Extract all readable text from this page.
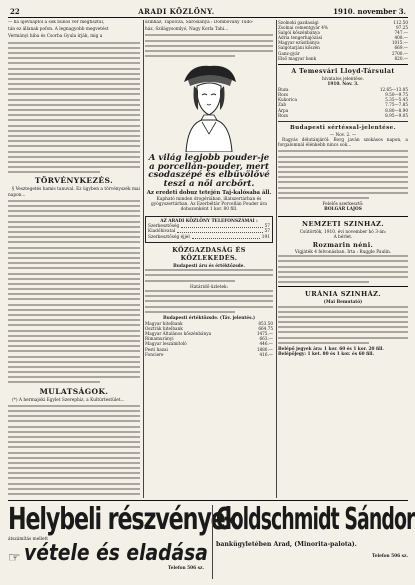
22	ARADI KÖZLÖNY.	1910. november 3.

— ha újévnaptól a sok bűnös vér megtisztul,

tán ez állanak pofon. A legnagyobb megvetést

Vermányi hiba és Csorba Gyula írják, mig a

TÖRVÉNYKEZÉS.

§ Vesztegetés hamis tanuval. Ez ügyben a törvényszék mai napon...

MULATSÁGOK.

(*) A hermajoki Egylet Szerephiz, a Kultúrtestület...

szinház, Tapolcza, Saroslánya : Dombovány Tüdő-

ház, Szilágysomlyó, Nagy Korla Tahi...

A világ legjobb pouder-je a porcellán-pouder, mert csodaszépé és elbűvölővé teszi a női arcbőrt.
Az eredeti dobuz tetején Taj-kalósaba áll.

Kapható minden drogériában, illatszertárban és gyógyszertárban. Az Ezerbéltár Porcellán Pouder ára dobozonként 1 kor. 80 fill.

AZ ARADI KÖZLÖNY TELEFONSZÁMAI :
Szerkesztőség	57
Kiadóhivatal	57
Szerkesztőség éjjel	191
KÖZGAZDASÁG ÉS KÖZLEKEDÉS.
Budapesti áru és értéktőzsde.
Határidő-üzletek:
Budapesti értéktőzsde. (Táv. jelentés.)
Magyar hitelbank	853.50
Osztrák hitelbank	664.75
Magyar Általános kőszénbánya	1475.—
Rimamurányi	663.—
Magyar leszámítoló	446.—
Pesti hazai	1880.—
Fonciere	416.—
Szolnoki gazdasági	112.50
Zsolnai cementgyár 4%	97.25
Salgói kőszénbánya	747.—
Adria tengerhajózási	408.—
Magyar ezüstbánya	1015.—
Salgótarjáni kőszén	669.—
Ganz-gyár	2700.—
Első magyar bank	820.—
A Temesvári Lloyd-Társulat
hivatalos jelentése.
1910. Nov. 3.
Buza	12.65—13.05
Rozs	9.50—9.75
Kukorica	5.35—5.45
Zab	7.75—7.85
Árpa	8.80—8.90
Rozs	8.95—9.05
Budapesti sértéssal-jelentése.
— Nov. 2. —

Ragyás délutánjáról: Borg javán szokásos napon, a forgalomnál élénkebb nincs sok...

Felelős szerkesztő:
BOLGÁR LAJOS
NEMZETI SZINHAZ.
Csütörtök, 1910. évi november hó 3-án:
A bérlet.
Rozmarin néni.
Vígjáték 4 felvonásban. Irta : Ruggle Paulin.
URÁNIA SZINHÁZ.
(Mai Bemutató)
Belépő jegyek ára: 1 kor. 60 és 1 kor. 20 fill.
Belépőjegy: 1 ket. 80 és 1 kor. és 60 fill.
Helybeli részvények
átszámítás mellett
☞ vétele és eladása
Telefon 506 sz.
Goldschmidt Sándor
bankügyletében Arad, (Minorita-palota).
Telefon 506 sz.
